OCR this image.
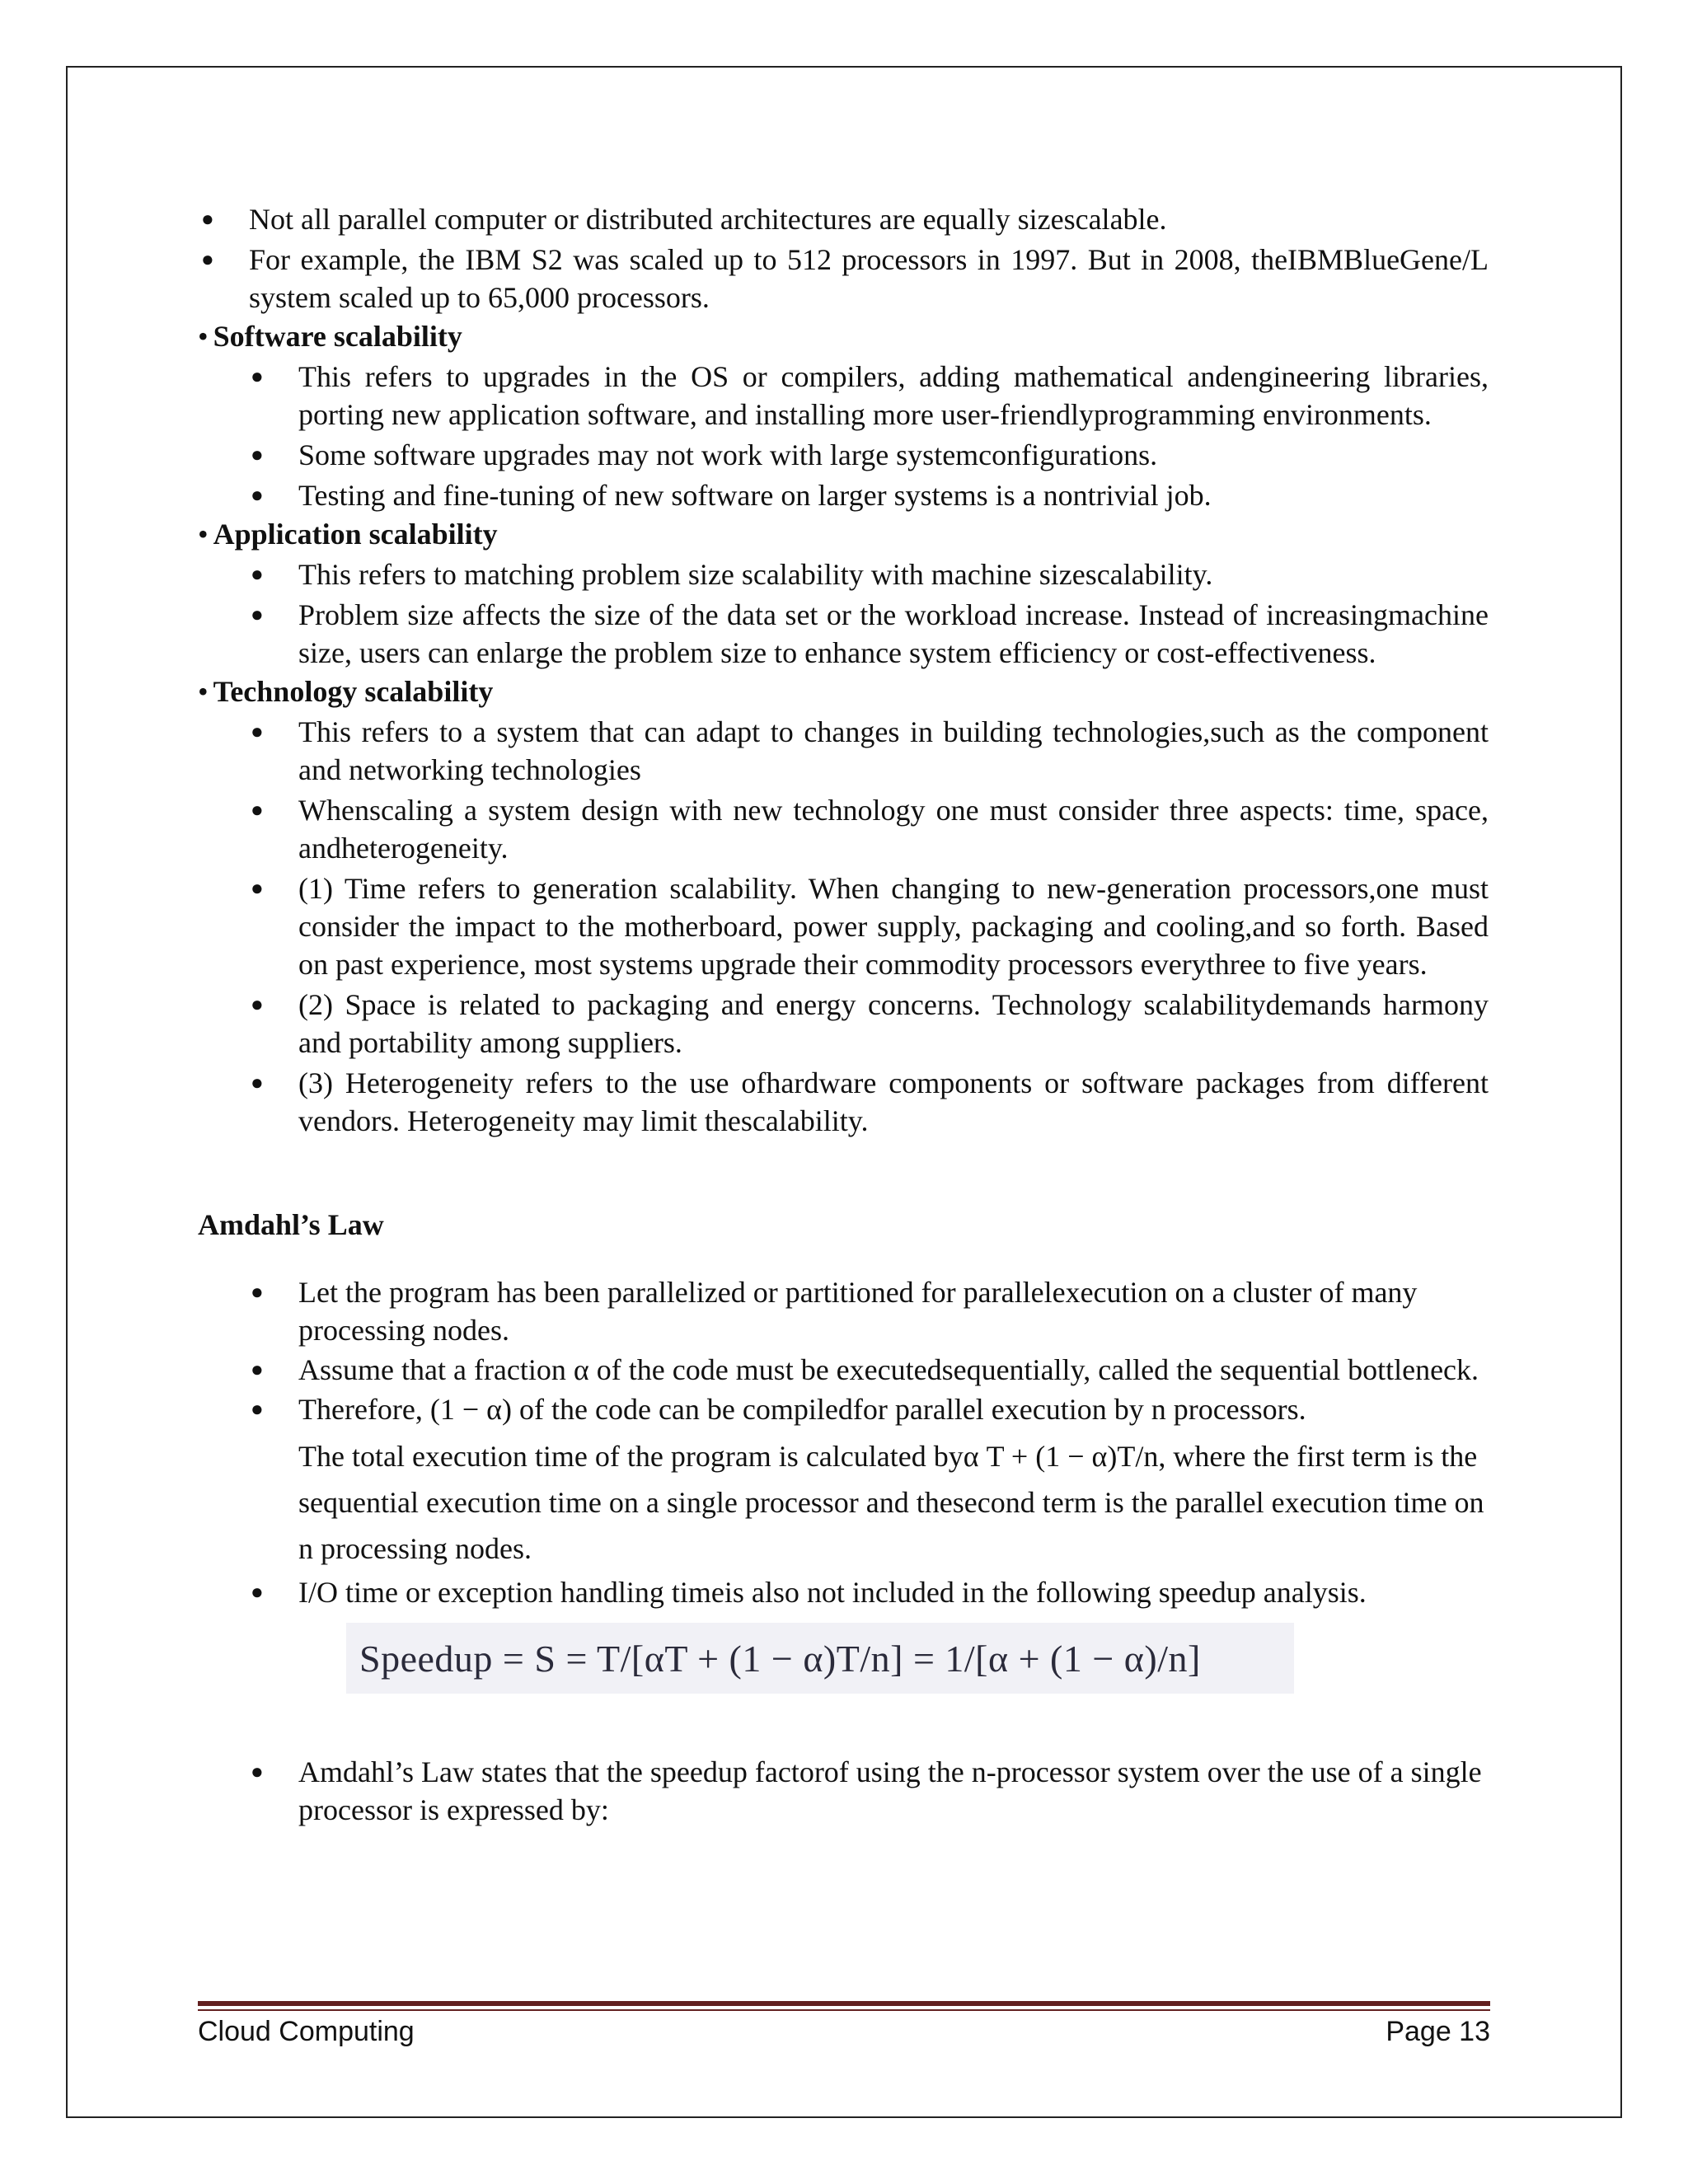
● Not all parallel computer or distributed architectures are equally sizescalable.
● For example, the IBM S2 was scaled up to 512 processors in 1997. But in 2008, theIBMBlueGene/L system scaled up to 65,000 processors.
• Software scalability
● This refers to upgrades in the OS or compilers, adding mathematical andengineering libraries, porting new application software, and installing more user-friendlyprogramming environments.
● Some software upgrades may not work with large systemconfigurations.
● Testing and fine-tuning of new software on larger systems is a nontrivial job.
• Application scalability
● This refers to matching problem size scalability with machine sizescalability.
● Problem size affects the size of the data set or the workload increase. Instead of increasingmachine size, users can enlarge the problem size to enhance system efficiency or cost-effectiveness.
• Technology scalability
● This refers to a system that can adapt to changes in building technologies,such as the component and networking technologies
● Whenscaling a system design with new technology one must consider three aspects: time, space, andheterogeneity.
● (1) Time refers to generation scalability. When changing to new-generation processors,one must consider the impact to the motherboard, power supply, packaging and cooling,and so forth. Based on past experience, most systems upgrade their commodity processors everythree to five years.
● (2) Space is related to packaging and energy concerns. Technology scalabilitydemands harmony and portability among suppliers.
● (3) Heterogeneity refers to the use ofhardware components or software packages from different vendors. Heterogeneity may limit thescalability.
Amdahl’s Law
● Let the program has been parallelized or partitioned for parallelexecution on a cluster of many processing nodes.
● Assume that a fraction α of the code must be executedsequentially, called the sequential bottleneck.
● Therefore, (1 − α) of the code can be compiledfor parallel execution by n processors.
The total execution time of the program is calculated byα T + (1 − α)T/n, where the first term is the sequential execution time on a single processor and thesecond term is the parallel execution time on n processing nodes.
● I/O time or exception handling timeis also not included in the following speedup analysis.
Speedup = S = T/[αT + (1 − α)T/n] = 1/[α + (1 − α)/n]
● Amdahl’s Law states that the speedup factorof using the n-processor system over the use of a single processor is expressed by:
Cloud Computing	Page 13
